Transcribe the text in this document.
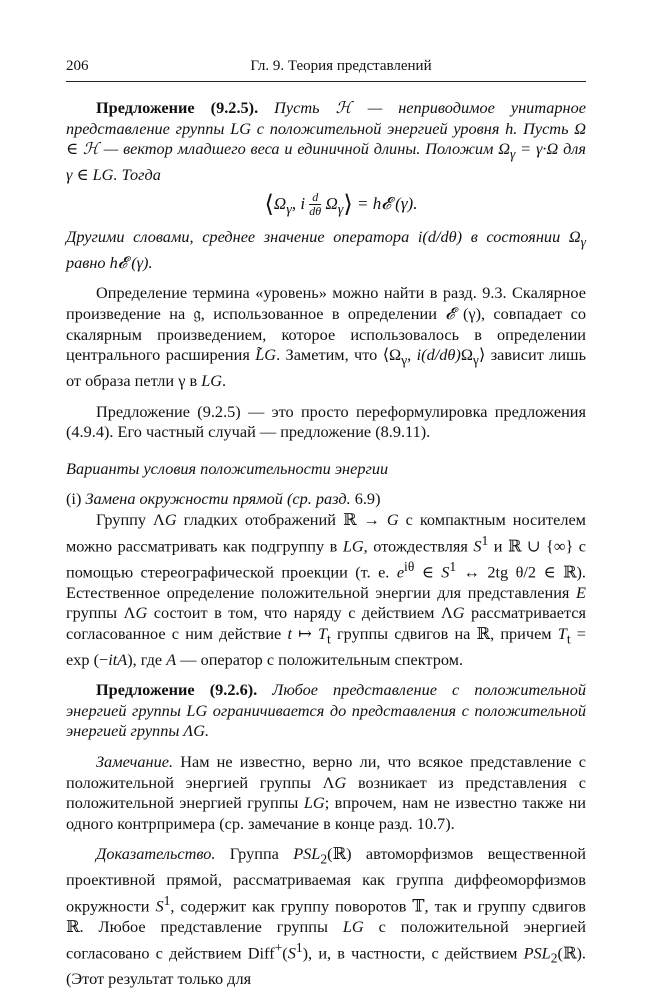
206	Гл. 9. Теория представлений

Предложение (9.2.5). Пусть ℋ — неприводимое унитарное представление группы LG с положительной энергией уровня h. Пусть Ω ∈ ℋ — вектор младшего веса и единичной длины. Положим $\Omega_\gamma = \gamma\cdot\Omega$ для γ ∈ LG. Тогда

$⟨\Omega_\gamma$, i $\frac{d}{d\theta}$ $\Omega_\gamma⟩$ = h𝓔 (γ).

Другими словами, среднее значение оператора i(d/dθ) в состоянии $\Omega_\gamma$ равно h𝓔 (γ).

Определение термина «уровень» можно найти в разд. 9.3. Скалярное произведение на 𝔤, использованное в определении 𝓔 (γ), совпадает со скалярным произведением, которое использовалось в определении центрального расширения L̃G. Заметим, что $⟨\Omega_\gamma$, $i(d/d\theta)\Omega_\gamma⟩$ зависит лишь от образа петли γ в LG.

Предложение (9.2.5) — это просто переформулировка предложения (4.9.4). Его частный случай — предложение (8.9.11).

Варианты условия положительности энергии

(i) Замена окружности прямой (ср. разд. 6.9)

Группу ΛG гладких отображений ℝ → G с компактным носителем можно рассматривать как подгруппу в LG, отождествляя $S^1$ и ℝ ∪ {∞} с помощью стереографической проекции (т. е. $e^{i\theta}$ ∈ $S^1$ ↔ 2tg θ/2 ∈ ℝ). Естественное определение положительной энергии для представления E группы ΛG состоит в том, что наряду с действием ΛG рассматривается согласованное с ним действие t ↦ $T_t$ группы сдвигов на ℝ, причем $T_t = \exp (-itA)$, где A — оператор с положительным спектром.

Предложение (9.2.6). Любое представление с положительной энергией группы LG ограничивается до представления с положительной энергией группы ΛG.

Замечание. Нам не известно, верно ли, что всякое представление с положительной энергией группы ΛG возникает из представления с положительной энергией группы LG; впрочем, нам не известно также ни одного контрпримера (ср. замечание в конце разд. 10.7).

Доказательство. Группа $PSL_2(ℝ)$ автоморфизмов вещественной проективной прямой, рассматриваемая как группа диффеоморфизмов окружности $S^1$, содержит как группу поворотов 𝕋, так и группу сдвигов ℝ. Любое представление группы LG с положительной энергией согласовано с действием $Diff^+(S^1)$, и, в частности, с действием $PSL_2(ℝ)$. (Этот результат только для
